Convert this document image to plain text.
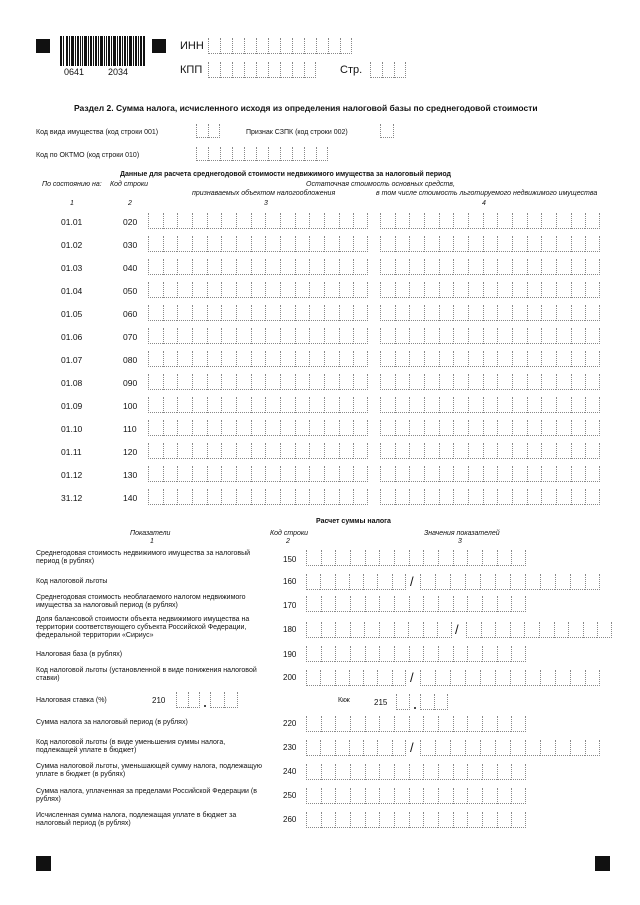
0641	2034
ИНН
КПП	Стр.
Раздел 2. Сумма налога, исчисленного исходя из определения налоговой базы по среднегодовой стоимости
Код вида имущества (код строки 001)	Признак СЗПК (код строки 002)
Код по ОКТМО (код строки 010)
Данные для расчета среднегодовой стоимости недвижимого имущества за налоговый период
По состоянию на: Код строки	Остаточная стоимость основных средств,
признаваемых объектом налогообложения	в том числе стоимость льготируемого недвижимого имущества
1	2	3	4
01.01	020
01.02	030
01.03	040
01.04	050
01.05	060
01.06	070
01.07	080
01.08	090
01.09	100
01.10	110
01.11	120
01.12	130
31.12	140
Расчет суммы налога
Показатели	Код строки	Значения показателей
1	2	3
Среднегодовая стоимость недвижимого имущества за налоговый период (в рублях)	150
Код налоговой льготы	160	/
Среднегодовая стоимость необлагаемого налогом недвижимого имущества за налоговый период (в рублях)	170
Доля балансовой стоимости объекта недвижимого имущества на территории соответствующего субъекта Российской Федерации, федеральной территории «Сириус»
180	/
Налоговая база (в рублях)	190
Код налоговой льготы (установленной в виде понижения налоговой ставки)	200	/
Налоговая ставка (%)	210	Ккж	215
Сумма налога за налоговый период (в рублях)	220
Код налоговой льготы (в виде уменьшения суммы налога, подлежащей уплате в бюджет)	230	/
Сумма налоговой льготы, уменьшающей сумму налога, подлежащую уплате в бюджет (в рублях)	240
Сумма налога, уплаченная за пределами Российской Федерации (в рублях)	250
Исчисленная сумма налога, подлежащая уплате в бюджет за налоговый период (в рублях)	260
